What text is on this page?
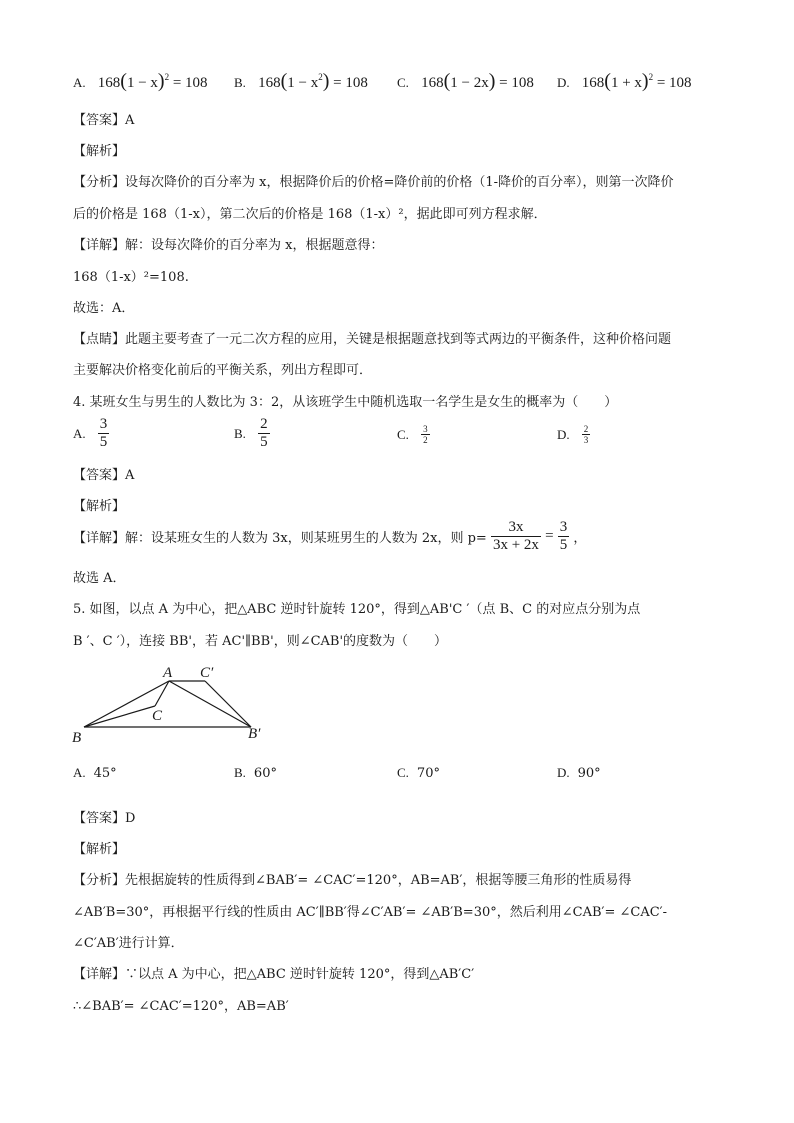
A. $168(1 - x)^2 = 108$ B. $168(1 - x^2) = 108$ C. 168(1 − 2x) = 108 D. $168(1 + x)^2 = 108$
【答案】A
【解析】
【分析】设每次降价的百分率为 x，根据降价后的价格=降价前的价格（1-降价的百分率），则第一次降价
后的价格是 168（1-x），第二次后的价格是 168（1-x）²，据此即可列方程求解．
【详解】解：设每次降价的百分率为 x，根据题意得：
168（1-x）²=108.
故选：A．
【点睛】此题主要考查了一元二次方程的应用，关键是根据题意找到等式两边的平衡条件，这种价格问题
主要解决价格变化前后的平衡关系，列出方程即可．
4. 某班女生与男生的人数比为 3：2，从该班学生中随机选取一名学生是女生的概率为（　　）
A. $\frac{3}{5}$	B. $\frac{2}{5}$	C. $\frac{3}{2}$	D. $\frac{2}{3}$
【答案】A
【解析】
【详解】解：设某班女生的人数为 3x，则某班男生的人数为 2x，则 $p= \frac{3x}{3x + 2x} = \frac{3}{5}$ ，
故选 A．
5. 如图，以点 A 为中心，把△ABC 逆时针旋转 120°，得到△AB'C ′（点 B、C 的对应点分别为点
B ′、C ′），连接 BB'，若 AC'∥BB'，则∠CAB'的度数为（　　）
A C′
C
B	B′
A. 45°	B. 60°	C. 70°	D. 90°
【答案】D
【解析】
【分析】先根据旋转的性质得到∠BAB′= ∠CAC′=120°，AB=AB′，根据等腰三角形的性质易得
∠AB′B=30°，再根据平行线的性质由 AC′∥BB′得∠C′AB′= ∠AB′B=30°，然后利用∠CAB′= ∠CAC′-
∠C′AB′进行计算．
【详解】∵以点 A 为中心，把△ABC 逆时针旋转 120°，得到△AB′C′
∴∠BAB′= ∠CAC′=120°，AB=AB′
